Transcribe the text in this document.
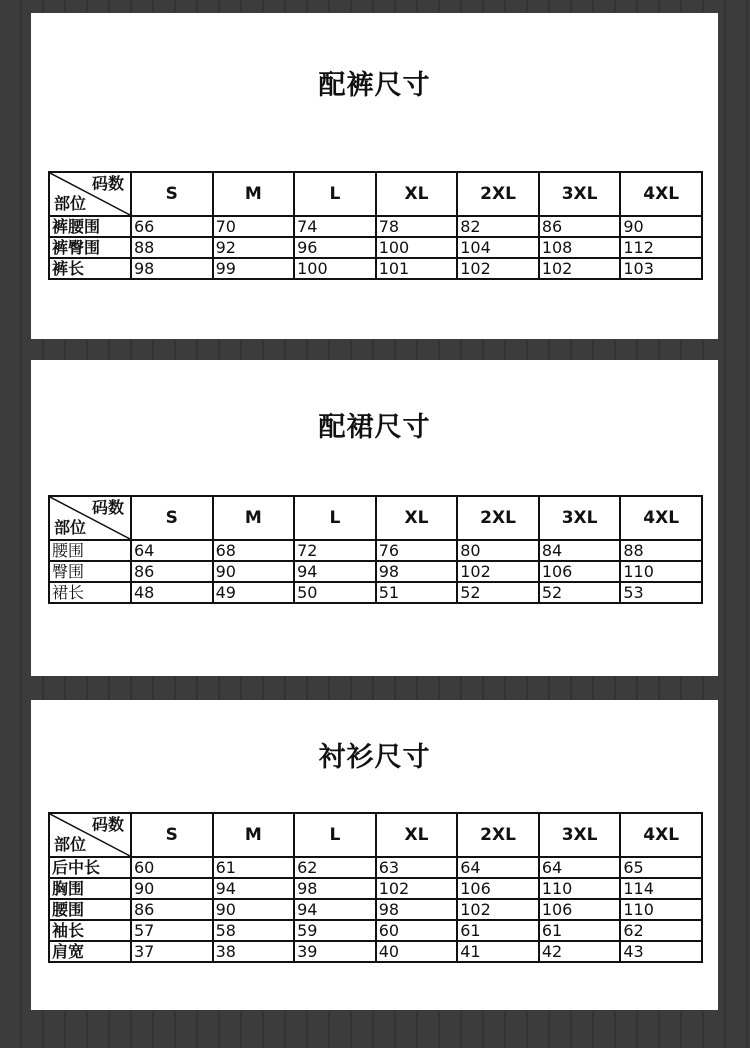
配裤尺寸
码数
部位	S	M	L	XL	2XL	3XL	4XL
裤腰围	66	70	74	78	82	86	90
裤臀围	88	92	96	100	104	108	112
裤长	98	99	100	101	102	102	103
配裙尺寸
码数
部位	S	M	L	XL	2XL	3XL	4XL
腰围	64	68	72	76	80	84	88
臀围	86	90	94	98	102	106	110
裙长	48	49	50	51	52	52	53
衬衫尺寸
码数
部位	S	M	L	XL	2XL	3XL	4XL
后中长	60	61	62	63	64	64	65
胸围	90	94	98	102	106	110	114
腰围	86	90	94	98	102	106	110
袖长	57	58	59	60	61	61	62
肩宽	37	38	39	40	41	42	43
